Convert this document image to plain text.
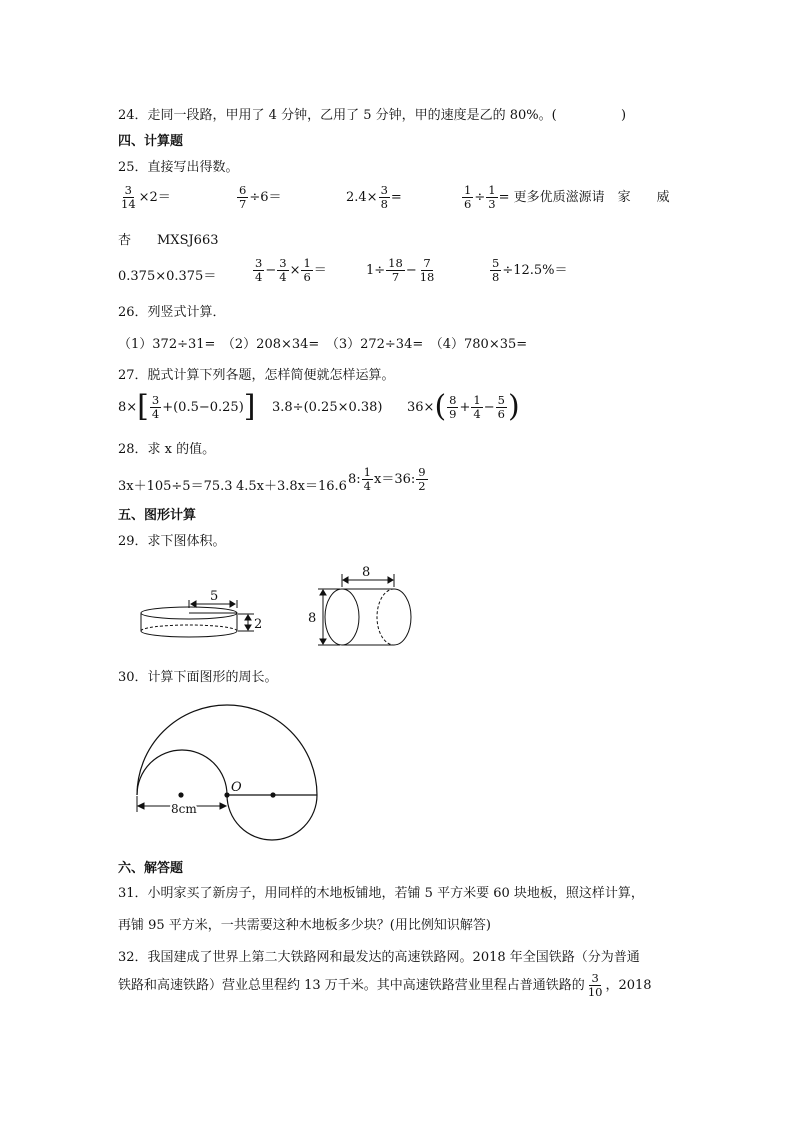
24．走同一段路，甲用了 4 分钟，乙用了 5 分钟，甲的速度是乙的 80%。(	)
四、计算题
25．直接写出得数。
$\frac{3}{14} \times 2=$	$\frac{6}{7} \div 6=$	$2.4\times \frac{3}{8}$ =	$\frac{1}{6} \div \frac{1}{3}$ = 更多优质滋源请　家　　威
杏　　MXSJ663
0.375×0.375＝	$\frac{3}{4} - \frac{3}{4} \times \frac{1}{6}$ ＝	$1\div \frac{18}{7} - \frac{7}{18}$	$\frac{5}{8} \div 12.5\%=$
26．列竖式计算．
（1）372÷31=　（2）208×34=　（3）272÷34=　（4）780×35=
27．脱式计算下列各题，怎样简便就怎样运算。
8× [ $\frac{3}{4} +(0.5-0.25)$ ] 3.8÷(0.25×0.38) 36× ( $\frac{8}{9} + \frac{1}{4} - \frac{5}{6}$ )
28．求 x 的值。
3x＋105÷5＝75.3 4.5x＋3.8x＝16.6 8: $\frac{1}{4} x=36$: $\frac{9}{2}$
五、图形计算
29．求下图体积。
5
2
8
8
30．计算下面图形的周长。
O
8cm
六、解答题
31．小明家买了新房子，用同样的木地板铺地，若铺 5 平方米要 60 块地板，照这样计算，
再铺 95 平方米，一共需要这种木地板多少块？(用比例知识解答)
32．我国建成了世界上第二大铁路网和最发达的高速铁路网。2018 年全国铁路（分为普通
铁路和高速铁路）营业总里程约 13 万千米。其中高速铁路营业里程占普通铁路的 $\frac{3}{10}$ ，2018
